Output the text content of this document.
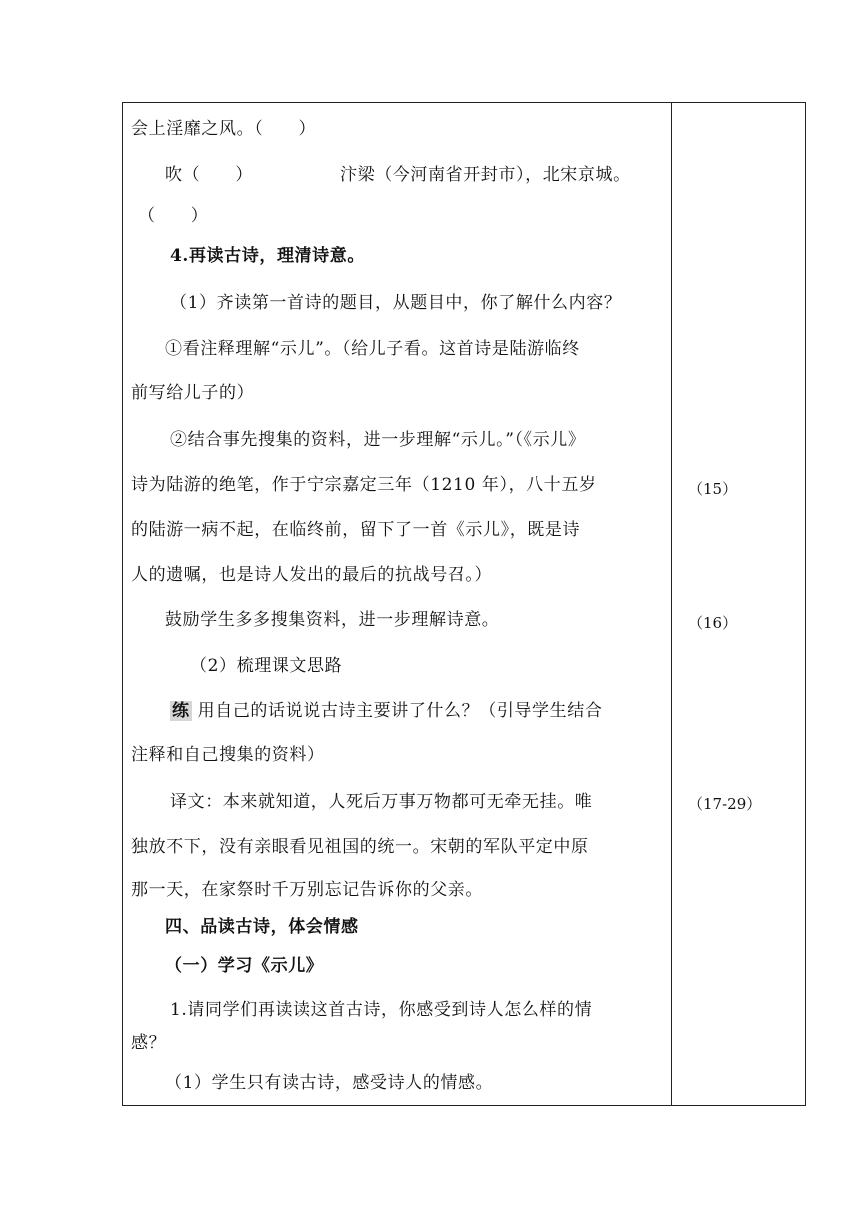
会上淫靡之风。（　　）
吹（　　）	汴梁（今河南省开封市），北宋京城。
（　　）
4.再读古诗，理清诗意。
（1）齐读第一首诗的题目，从题目中，你了解什么内容？
①看注释理解“示儿”。（给儿子看。这首诗是陆游临终
前写给儿子的）
②结合事先搜集的资料，进一步理解“示儿。”（《示儿》
诗为陆游的绝笔，作于宁宗嘉定三年（1210 年），八十五岁
的陆游一病不起，在临终前，留下了一首《示儿》，既是诗
人的遗嘱，也是诗人发出的最后的抗战号召。）
鼓励学生多多搜集资料，进一步理解诗意。
（2）梳理课文思路
练 用自己的话说说古诗主要讲了什么？（引导学生结合
注释和自己搜集的资料）
译文：本来就知道，人死后万事万物都可无牵无挂。唯
独放不下，没有亲眼看见祖国的统一。宋朝的军队平定中原
那一天，在家祭时千万别忘记告诉你的父亲。
四、品读古诗，体会情感
（一）学习《示儿》
1.请同学们再读读这首古诗，你感受到诗人怎么样的情
感？
（1）学生只有读古诗，感受诗人的情感。
（15）
（16）
（17-29）
